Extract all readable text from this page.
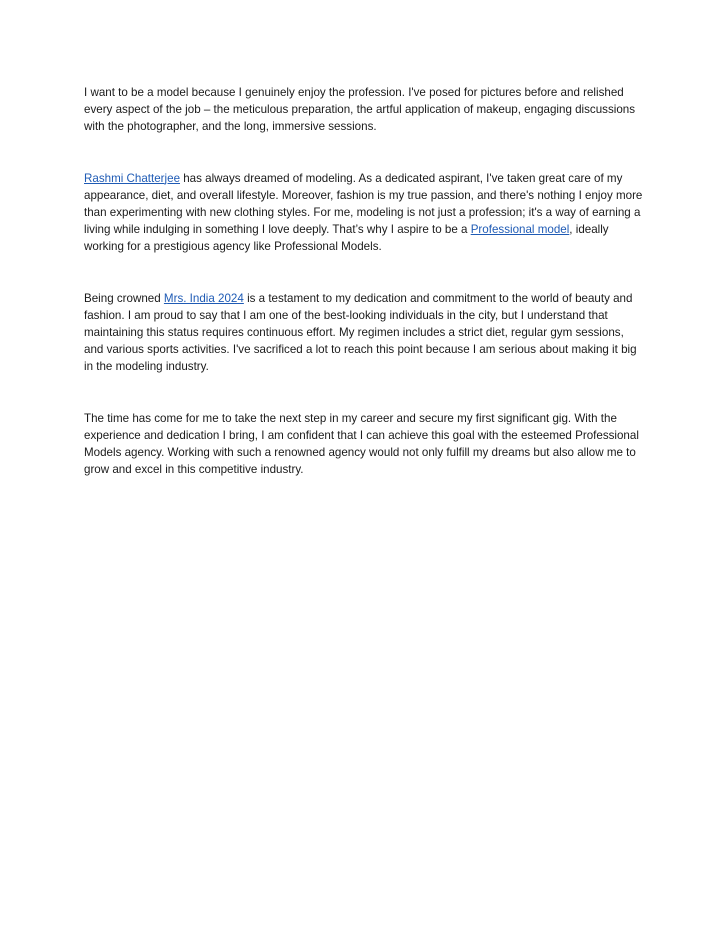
I want to be a model because I genuinely enjoy the profession. I've posed for pictures before and relished every aspect of the job – the meticulous preparation, the artful application of makeup, engaging discussions with the photographer, and the long, immersive sessions.

Rashmi Chatterjee has always dreamed of modeling. As a dedicated aspirant, I've taken great care of my appearance, diet, and overall lifestyle. Moreover, fashion is my true passion, and there's nothing I enjoy more than experimenting with new clothing styles. For me, modeling is not just a profession; it's a way of earning a living while indulging in something I love deeply. That’s why I aspire to be a Professional model, ideally working for a prestigious agency like Professional Models.

Being crowned Mrs. India 2024 is a testament to my dedication and commitment to the world of beauty and fashion. I am proud to say that I am one of the best-looking individuals in the city, but I understand that maintaining this status requires continuous effort. My regimen includes a strict diet, regular gym sessions, and various sports activities. I've sacrificed a lot to reach this point because I am serious about making it big in the modeling industry.

The time has come for me to take the next step in my career and secure my first significant gig. With the experience and dedication I bring, I am confident that I can achieve this goal with the esteemed Professional Models agency. Working with such a renowned agency would not only fulfill my dreams but also allow me to grow and excel in this competitive industry.
